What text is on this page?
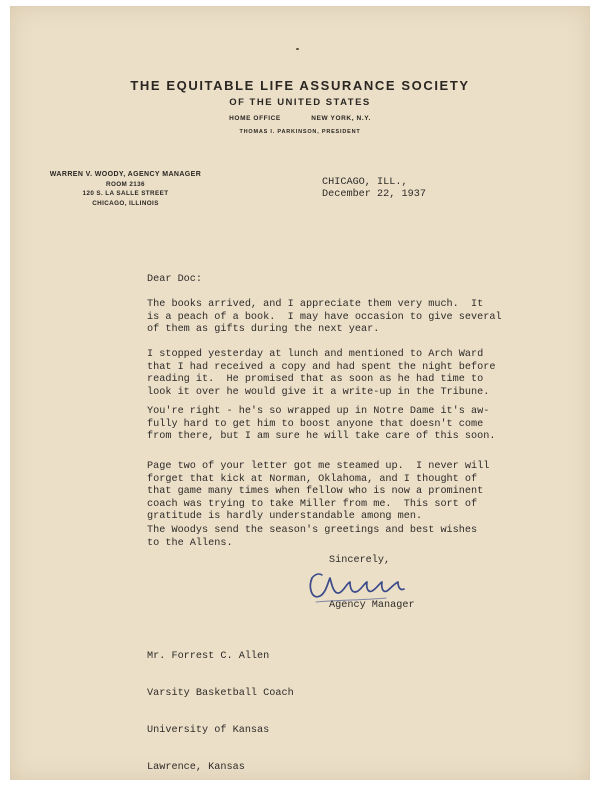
THE EQUITABLE LIFE ASSURANCE SOCIETY
OF THE UNITED STATES
HOME OFFICE	NEW YORK, N.Y.
THOMAS I. PARKINSON, PRESIDENT
WARREN V. WOODY, AGENCY MANAGER
ROOM 2136
120 S. LA SALLE STREET
CHICAGO, ILLINOIS
CHICAGO, ILL.,
December 22, 1937
Dear Doc:
The books arrived, and I appreciate them very much.  It
is a peach of a book.  I may have occasion to give several
of them as gifts during the next year.
I stopped yesterday at lunch and mentioned to Arch Ward
that I had received a copy and had spent the night before
reading it.  He promised that as soon as he had time to
look it over he would give it a write-up in the Tribune.
You're right - he's so wrapped up in Notre Dame it's aw-
fully hard to get him to boost anyone that doesn't come
from there, but I am sure he will take care of this soon.
Page two of your letter got me steamed up.  I never will
forget that kick at Norman, Oklahoma, and I thought of
that game many times when fellow who is now a prominent
coach was trying to take Miller from me.  This sort of
gratitude is hardly understandable among men.
The Woodys send the season's greetings and best wishes
to the Allens.
Sincerely,
Agency Manager

Mr. Forrest C. Allen

Varsity Basketball Coach

University of Kansas

Lawrence, Kansas
